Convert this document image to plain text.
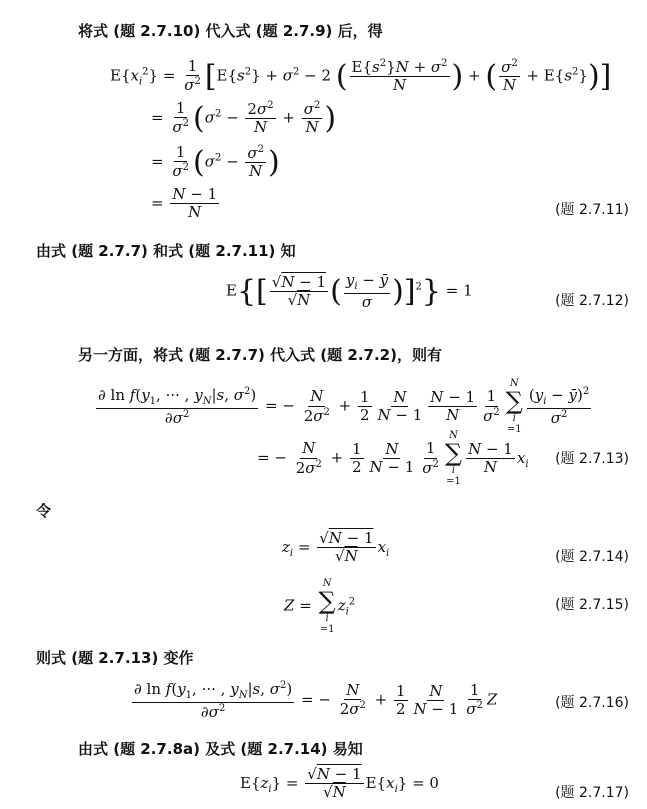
将式 (题 2.7.10) 代入式 (题 2.7.9) 后，得
$E\{x_i^2\} = \frac{1}{\sigma^2} [E\{s^2\} + \sigma^2 - 2$ ( $\frac{E\{s^2\}N + \sigma^2}{N}$ ) + ( $\frac{\sigma^2}{N} + E\{s^2\}$)]
= $\frac{1}{\sigma^2} (\sigma^2 - \frac{2\sigma^2}{N} + \frac{\sigma^2}{N}$ )
= $\frac{1}{\sigma^2} (\sigma^2 - \frac{\sigma^2}{N}$ )
= $\frac{N - 1}{N}$	(题 2.7.11)
由式 (题 2.7.7) 和式 (题 2.7.11) 知
$E\{[ \frac{√N - 1}{√N}$ ( $\frac{y_i - ȳ}{\sigma} )]^2\} = 1$
(题 2.7.12)
另一方面，将式 (题 2.7.7) 代入式 (题 2.7.2)，则有
$\frac{\partial \ln f(y_1, \cdot\cdot\cdot , y_N|s, \sigma^2)}{\partial\sigma^2}$ = − $\frac{N}{2\sigma^2} + \frac{1}{2} \frac{N}{N - 1} \frac{N - 1}{N} \frac{1}{\sigma^2}$
N
∑
i
=1
$\frac{(y_i - ȳ)^2}{\sigma^2}$
= − $\frac{N}{2\sigma^2} + \frac{1}{2} \frac{N}{N - 1} \frac{1}{\sigma^2}$
N
∑
i
=1
$\frac{N - 1}{N} x_i$ (题 2.7.13)
令
$z_i = \frac{√N - 1}{√N} x_i$	(题 2.7.14)
Z =
N
∑
i
$=1z_i^2$	(题 2.7.15)
则式 (题 2.7.13) 变作
$\frac{\partial \ln f(y_1, \cdot\cdot\cdot , y_N|s, \sigma^2)}{\partial\sigma^2}$ = − $\frac{N}{2\sigma^2} + \frac{1}{2} \frac{N}{N - 1} \frac{1}{\sigma^2}$ Z	(题 2.7.16)
由式 (题 2.7.8a) 及式 (题 2.7.14) 易知
$E\{z_i\} = \frac{√N - 1}{√N} E\{x_i\} = 0$
(题 2.7.17)
